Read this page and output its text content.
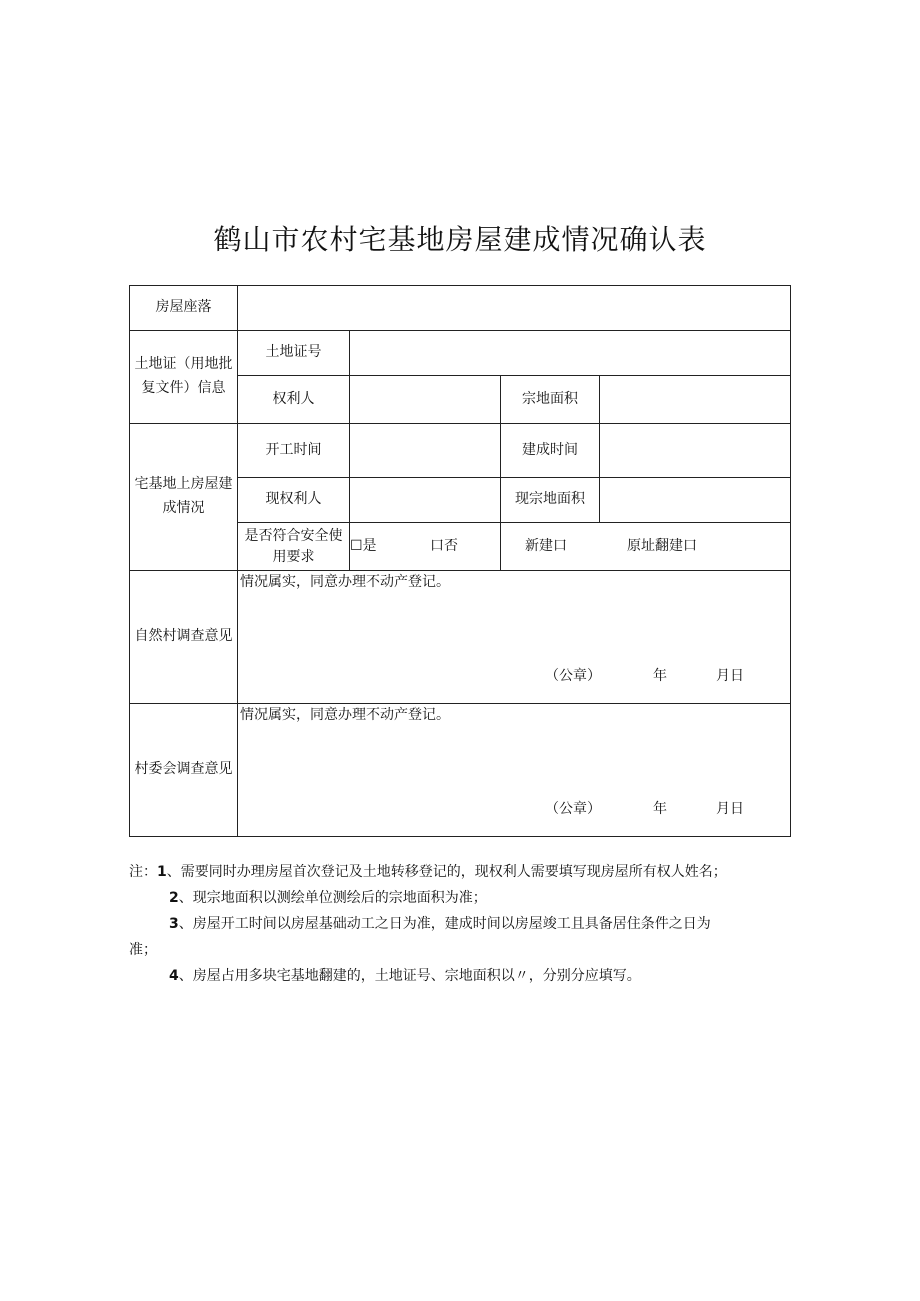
鹤山市农村宅基地房屋建成情况确认表
房屋座落				
土地证（用地批复文件）信息	土地证号			
	权利人		宗地面积	
宅基地上房屋建成情况	开工时间		建成时间	
	现权利人		现宗地面积	
	是否符合安全使用要求	☐是 口否	新建口 原址翻建口	
自然村调查意见	情况属实，同意办理不动产登记。
（公章） 年 月日			

村委会调查意见	情况属实，同意办理不动产登记。
（公章） 年 月日			

注：1、需要同时办理房屋首次登记及土地转移登记的，现权利人需要填写现房屋所有权人姓名；

2、现宗地面积以测绘单位测绘后的宗地面积为准；

3、房屋开工时间以房屋基础动工之日为准，建成时间以房屋竣工且具备居住条件之日为

准；

4、房屋占用多块宅基地翻建的，土地证号、宗地面积以〃，分别分应填写。
